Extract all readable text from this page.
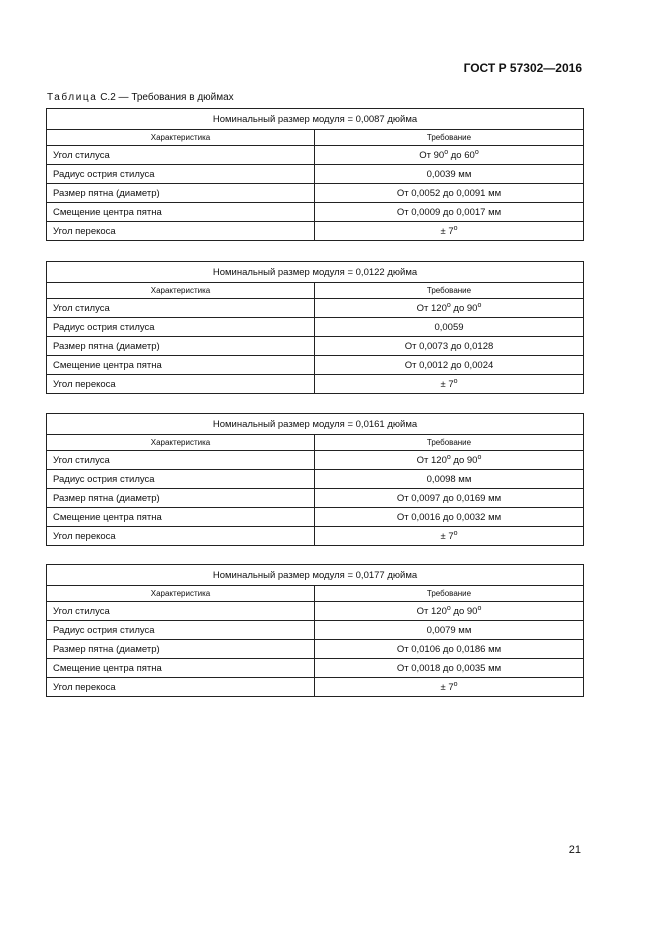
ГОСТ Р 57302—2016
Таблица С.2 — Требования в дюймах
Номинальный размер модуля = 0,0087 дюйма	
Характеристика	Требование
Угол стилуса	От $90^о$ до $60^о$
Радиус острия стилуса	0,0039 мм
Размер пятна (диаметр)	От 0,0052 до 0,0091 мм
Смещение центра пятна	От 0,0009 до 0,0017 мм
Угол перекоса	± $7^о$
Номинальный размер модуля = 0,0122 дюйма	
Характеристика	Требование
Угол стилуса	От $120^о$ до $90^о$
Радиус острия стилуса	0,0059
Размер пятна (диаметр)	От 0,0073 до 0,0128
Смещение центра пятна	От 0,0012 до 0,0024
Угол перекоса	± $7^о$
Номинальный размер модуля = 0,0161 дюйма	
Характеристика	Требование
Угол стилуса	От $120^о$ до $90^о$
Радиус острия стилуса	0,0098 мм
Размер пятна (диаметр)	От 0,0097 до 0,0169 мм
Смещение центра пятна	От 0,0016 до 0,0032 мм
Угол перекоса	± $7^о$
Номинальный размер модуля = 0,0177 дюйма	
Характеристика	Требование
Угол стилуса	От $120^о$ до $90^о$
Радиус острия стилуса	0,0079 мм
Размер пятна (диаметр)	От 0,0106 до 0,0186 мм
Смещение центра пятна	От 0,0018 до 0,0035 мм
Угол перекоса	± $7^о$
21
